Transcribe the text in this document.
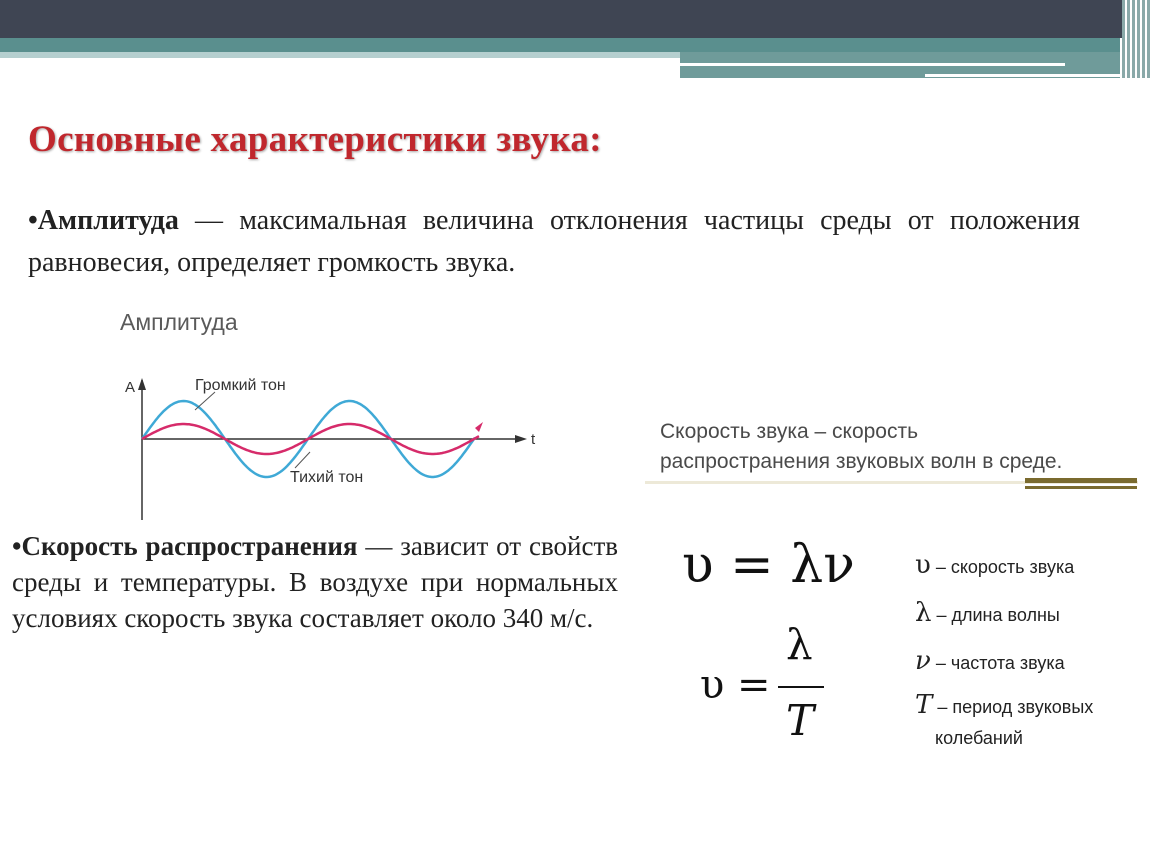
Основные характеристики звука:
•Амплитуда — максимальная величина отклонения частицы среды от положения равновесия, определяет громкость звука.
Амплитуда
A
t
Громкий тон
Тихий тон
•Скорость распространения — зависит от свойств среды и температуры. В воздухе при нормальных условиях скорость звука составляет около 340 м/с.
Скорость звука – скорость
распространения звуковых волн в среде.
υ = λν
υ =
λ
T
υ – скорость звука
λ – длина волны
ν – частота звука
T – период звуковых
колебаний
